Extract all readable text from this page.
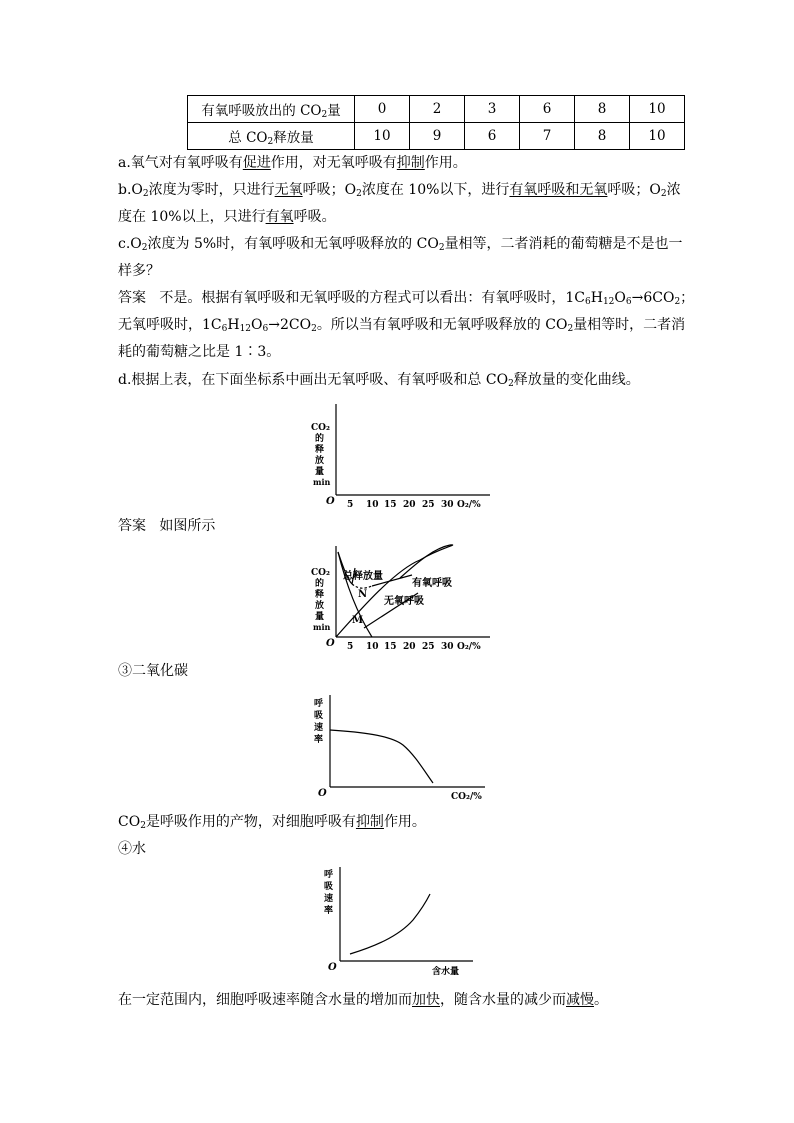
有氧呼吸放出的 $CO_2$量	0	2	3	6	8	10
总 $CO_2$释放量	10	9	6	7	8	10
a.氧气对有氧呼吸有促进作用，对无氧呼吸有抑制作用。
$b.O_2$浓度为零时，只进行无氧呼吸；$O_2$浓度在 10%以下，进行有氧呼吸和无氧呼吸；$O_2$浓
度在 10%以上，只进行有氧呼吸。
$c.O_2$浓度为 5%时，有氧呼吸和无氧呼吸释放的 $CO_2$量相等，二者消耗的葡萄糖是不是也一
样多？
答案 不是。根据有氧呼吸和无氧呼吸的方程式可以看出：有氧呼吸时，$1C_6H_{12}O_6\to 6CO_2$；
无氧呼吸时，$1C_6H_{12}O_6\to 2CO_2$。所以当有氧呼吸和无氧呼吸释放的 $CO_2$量相等时，二者消
耗的葡萄糖之比是 1∶3。
d.根据上表，在下面坐标系中画出无氧呼吸、有氧呼吸和总 $CO_2$释放量的变化曲线。
CO₂
的
释
放
量
min
O 5 10 15 20 25 30 O₂/%
答案 如图所示
CO₂
的
释
放
量
min
O 5 10 15 20 25 30 O₂/%
总释放量
有氧呼吸
无氧呼吸
N
M
③二氧化碳
呼
吸
速
率
O	CO₂/%
$CO_2$是呼吸作用的产物，对细胞呼吸有抑制作用。
④水
呼
吸
速
率
O	含水量
在一定范围内，细胞呼吸速率随含水量的增加而加快，随含水量的减少而减慢。
